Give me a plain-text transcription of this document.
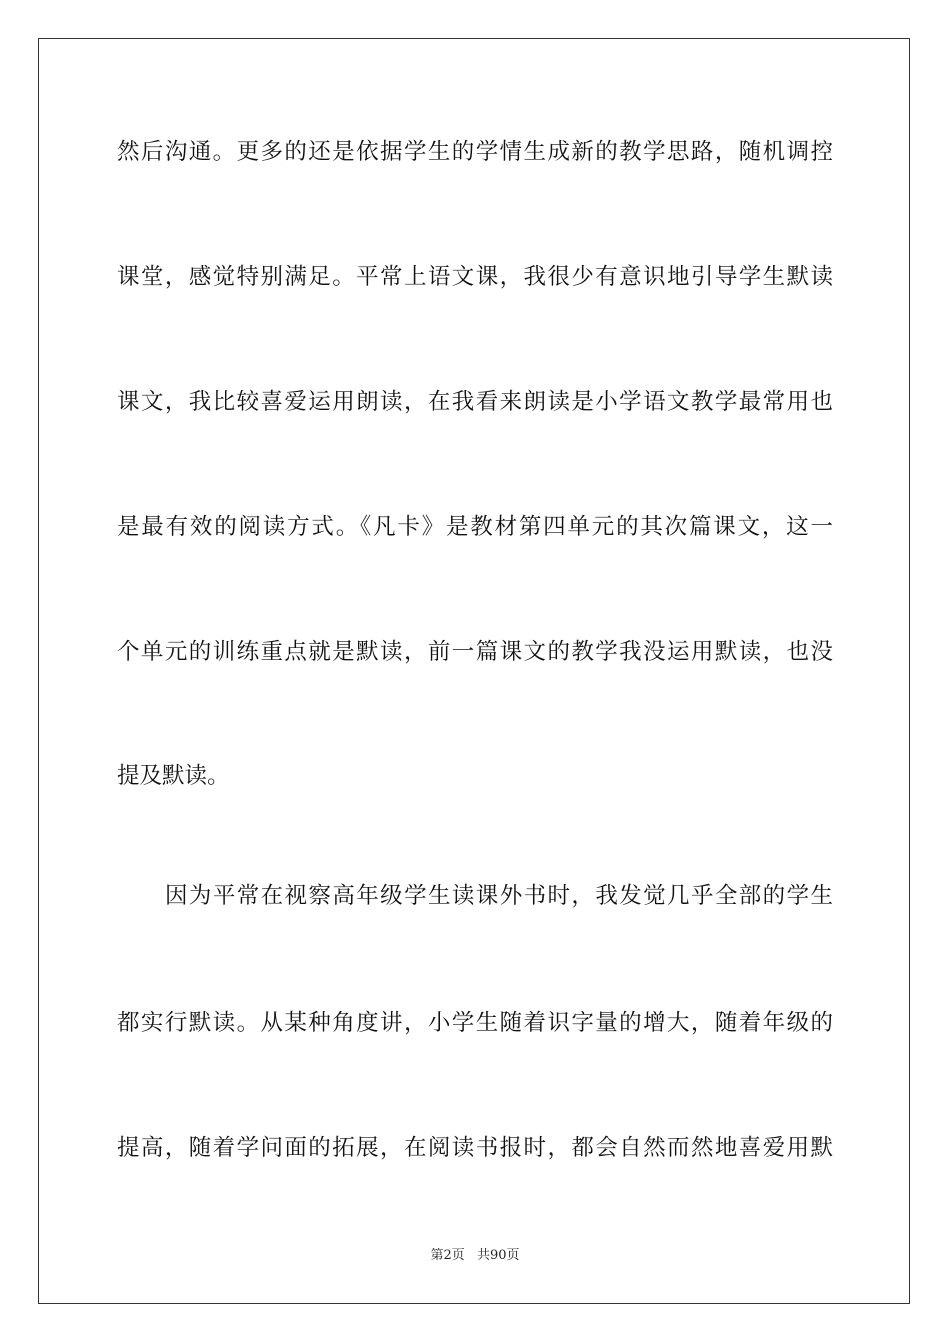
然后沟通。更多的还是依据学生的学情生成新的教学思路，随机调控
课堂，感觉特别满足。平常上语文课，我很少有意识地引导学生默读
课文，我比较喜爱运用朗读，在我看来朗读是小学语文教学最常用也
是最有效的阅读方式。《凡卡》是教材第四单元的其次篇课文，这一
个单元的训练重点就是默读，前一篇课文的教学我没运用默读，也没
提及默读。
因为平常在视察高年级学生读课外书时，我发觉几乎全部的学生
都实行默读。从某种角度讲，小学生随着识字量的增大，随着年级的
提高，随着学问面的拓展，在阅读书报时，都会自然而然地喜爱用默
第2页 共90页
